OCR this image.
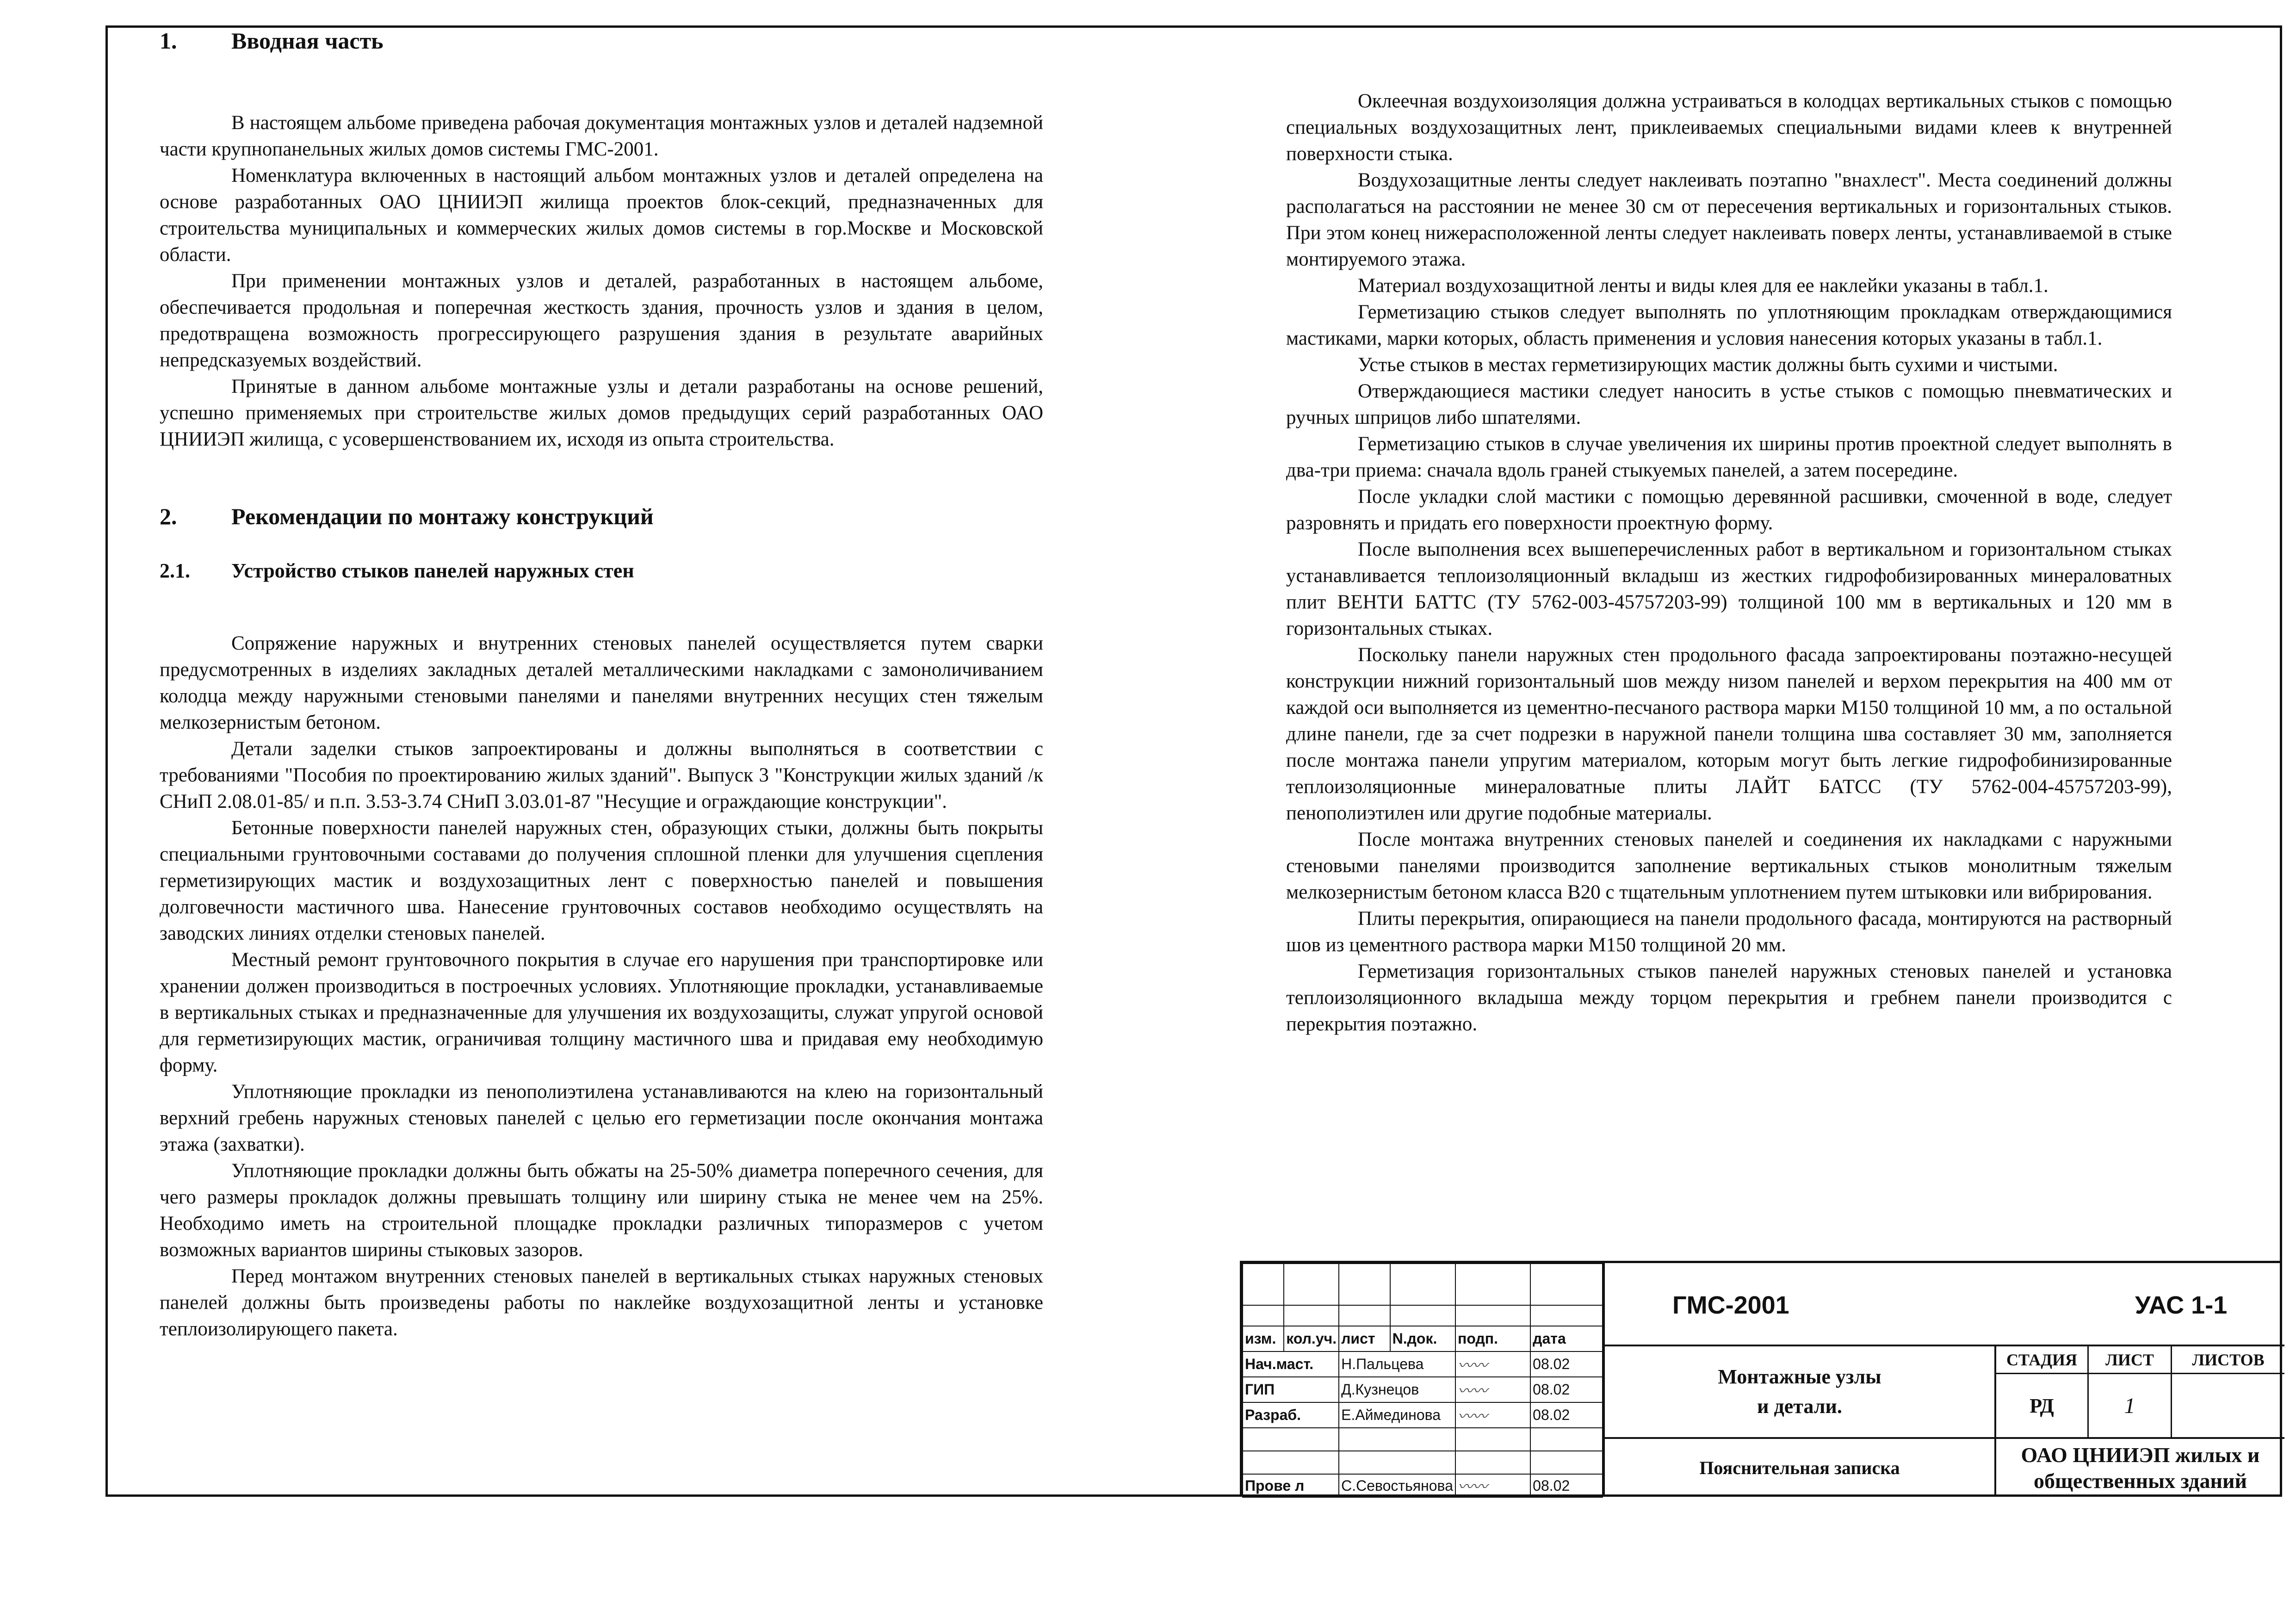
1. Вводная часть

В настоящем альбоме приведена рабочая документация монтажных узлов и деталей надземной части крупнопанельных жилых домов системы ГМС-2001.

Номенклатура включенных в настоящий альбом монтажных узлов и деталей определена на основе разработанных ОАО ЦНИИЭП жилища проектов блок-секций, предназначенных для строительства муниципальных и коммерческих жилых домов системы в гор.Москве и Московской области.

При применении монтажных узлов и деталей, разработанных в настоящем альбоме, обеспечивается продольная и поперечная жесткость здания, прочность узлов и здания в целом, предотвращена возможность прогрессирующего разрушения здания в результате аварийных непредсказуемых воздействий.

Принятые в данном альбоме монтажные узлы и детали разработаны на основе решений, успешно применяемых при строительстве жилых домов предыдущих серий разработанных ОАО ЦНИИЭП жилища, с усовершенствованием их, исходя из опыта строительства.

2. Рекомендации по монтажу конструкций

2.1. Устройство стыков панелей наружных стен

Сопряжение наружных и внутренних стеновых панелей осуществляется путем сварки предусмотренных в изделиях закладных деталей металлическими накладками с замоноличиванием колодца между наружными стеновыми панелями и панелями внутренних несущих стен тяжелым мелкозернистым бетоном.

Детали заделки стыков запроектированы и должны выполняться в соответствии с требованиями "Пособия по проектированию жилых зданий". Выпуск 3 "Конструкции жилых зданий /к СНиП 2.08.01-85/ и п.п. 3.53-3.74 СНиП 3.03.01-87 "Несущие и ограждающие конструкции".

Бетонные поверхности панелей наружных стен, образующих стыки, должны быть покрыты специальными грунтовочными составами до получения сплошной пленки для улучшения сцепления герметизирующих мастик и воздухозащитных лент с поверхностью панелей и повышения долговечности мастичного шва. Нанесение грунтовочных составов необходимо осуществлять на заводских линиях отделки стеновых панелей.

Местный ремонт грунтовочного покрытия в случае его нарушения при транспортировке или хранении должен производиться в построечных условиях. Уплотняющие прокладки, устанавливаемые в вертикальных стыках и предназначенные для улучшения их воздухозащиты, служат упругой основой для герметизирующих мастик, ограничивая толщину мастичного шва и придавая ему необходимую форму.

Уплотняющие прокладки из пенополиэтилена устанавливаются на клею на горизонтальный верхний гребень наружных стеновых панелей с целью его герметизации после окончания монтажа этажа (захватки).

Уплотняющие прокладки должны быть обжаты на 25-50% диаметра поперечного сечения, для чего размеры прокладок должны превышать толщину или ширину стыка не менее чем на 25%. Необходимо иметь на строительной площадке прокладки различных типоразмеров с учетом возможных вариантов ширины стыковых зазоров.

Перед монтажом внутренних стеновых панелей в вертикальных стыках наружных стеновых панелей должны быть произведены работы по наклейке воздухозащитной ленты и установке теплоизолирующего пакета.

Оклеечная воздухоизоляция должна устраиваться в колодцах вертикальных стыков с помощью специальных воздухозащитных лент, приклеиваемых специальными видами клеев к внутренней поверхности стыка.

Воздухозащитные ленты следует наклеивать поэтапно "внахлест". Места соединений должны располагаться на расстоянии не менее 30 см от пересечения вертикальных и горизонтальных стыков. При этом конец нижерасположенной ленты следует наклеивать поверх ленты, устанавливаемой в стыке монтируемого этажа.

Материал воздухозащитной ленты и виды клея для ее наклейки указаны в табл.1.

Герметизацию стыков следует выполнять по уплотняющим прокладкам отверждающимися мастиками, марки которых, область применения и условия нанесения которых указаны в табл.1.

Устье стыков в местах герметизирующих мастик должны быть сухими и чистыми.

Отверждающиеся мастики следует наносить в устье стыков с помощью пневматических и ручных шприцов либо шпателями.

Герметизацию стыков в случае увеличения их ширины против проектной следует выполнять в два-три приема: сначала вдоль граней стыкуемых панелей, а затем посередине.

После укладки слой мастики с помощью деревянной расшивки, смоченной в воде, следует разровнять и придать его поверхности проектную форму.

После выполнения всех вышеперечисленных работ в вертикальном и горизонтальном стыках устанавливается теплоизоляционный вкладыш из жестких гидрофобизированных минераловатных плит ВЕНТИ БАТТС (ТУ 5762-003-45757203-99) толщиной 100 мм в вертикальных и 120 мм в горизонтальных стыках.

Поскольку панели наружных стен продольного фасада запроектированы поэтажно-несущей конструкции нижний горизонтальный шов между низом панелей и верхом перекрытия на 400 мм от каждой оси выполняется из цементно-песчаного раствора марки М150 толщиной 10 мм, а по остальной длине панели, где за счет подрезки в наружной панели толщина шва составляет 30 мм, заполняется после монтажа панели упругим материалом, которым могут быть легкие гидрофобинизированные теплоизоляционные минераловатные плиты ЛАЙТ БАТСС (ТУ 5762-004-45757203-99), пенополиэтилен или другие подобные материалы.

После монтажа внутренних стеновых панелей и соединения их накладками с наружными стеновыми панелями производится заполнение вертикальных стыков монолитным тяжелым мелкозернистым бетоном класса В20 с тщательным уплотнением путем штыковки или вибрирования.

Плиты перекрытия, опирающиеся на панели продольного фасада, монтируются на растворный шов из цементного раствора марки М150 толщиной 20 мм.

Герметизация горизонтальных стыков панелей наружных стеновых панелей и установка теплоизоляционного вкладыша между торцом перекрытия и гребнем панели производится с перекрытия поэтажно.

изм.	кол.уч.	лист	N.док.	подп.	дата
Нач.маст.		Н.Пальцева		〰〰	08.02
ГИП		Д.Кузнецов		〰〰	08.02
Разраб.		Е.Аймединова		〰〰	08.02

Прове л		С.Севостьянова		〰〰	08.02
ГМС-2001	УАС 1-1
Монтажные узлы
и детали.
СТАДИЯ	ЛИСТ	ЛИСТОВ
РД	1
Пояснительная записка
ОАО ЦНИИЭП жилых и
общественных зданий
